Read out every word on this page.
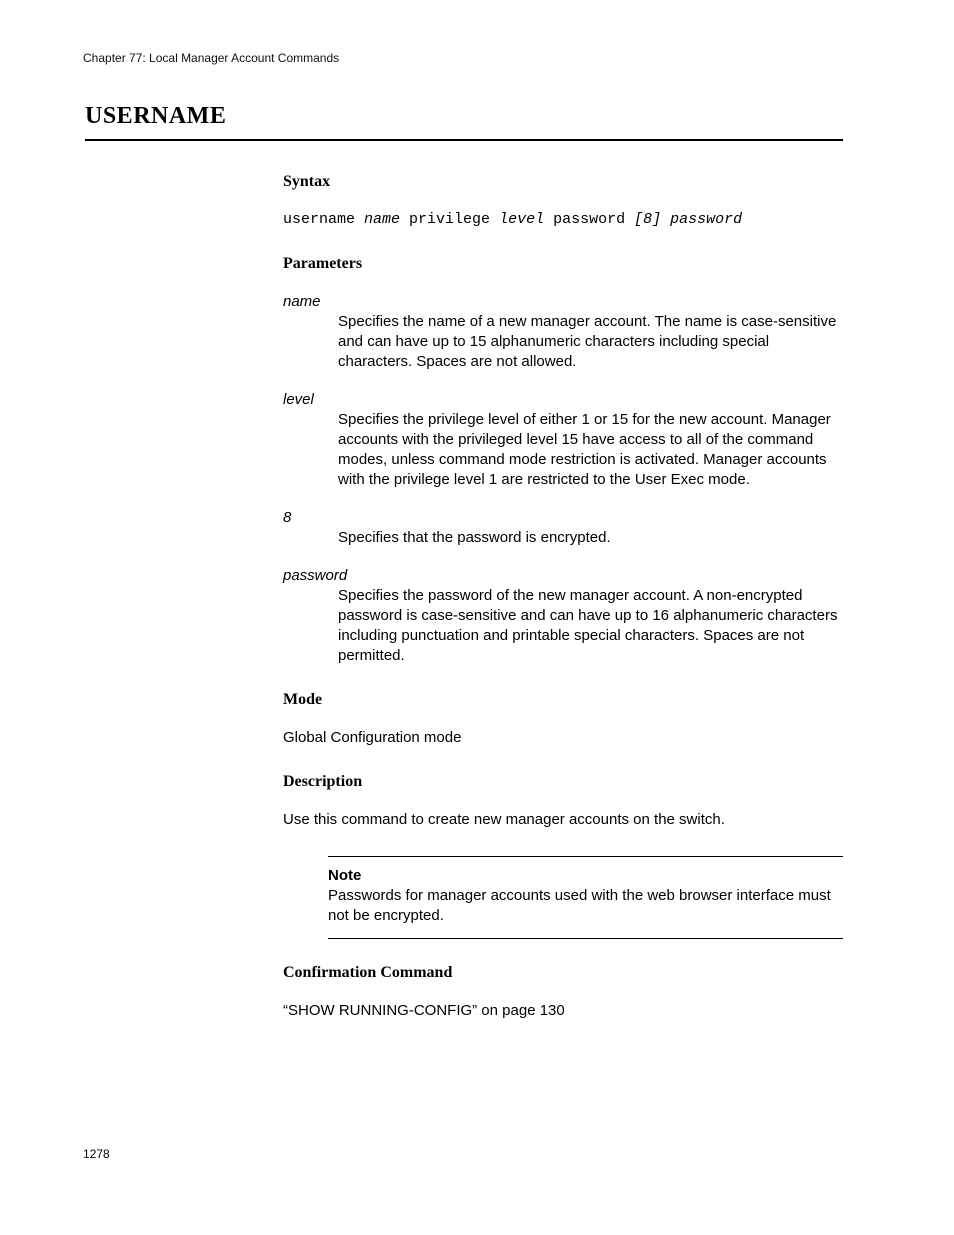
Chapter 77: Local Manager Account Commands
USERNAME
Syntax

username name privilege level password [8] password

Parameters

name

Specifies the name of a new manager account. The name is case-sensitive and can have up to 15 alphanumeric characters including special characters. Spaces are not allowed.

level

Specifies the privilege level of either 1 or 15 for the new account. Manager accounts with the privileged level 15 have access to all of the command modes, unless command mode restriction is activated. Manager accounts with the privilege level 1 are restricted to the User Exec mode.

8

Specifies that the password is encrypted.

password

Specifies the password of the new manager account. A non-encrypted password is case-sensitive and can have up to 16 alphanumeric characters including punctuation and printable special characters. Spaces are not permitted.

Mode

Global Configuration mode

Description

Use this command to create new manager accounts on the switch.

Note

Passwords for manager accounts used with the web browser interface must not be encrypted.

Confirmation Command

“SHOW RUNNING-CONFIG” on page 130

1278
